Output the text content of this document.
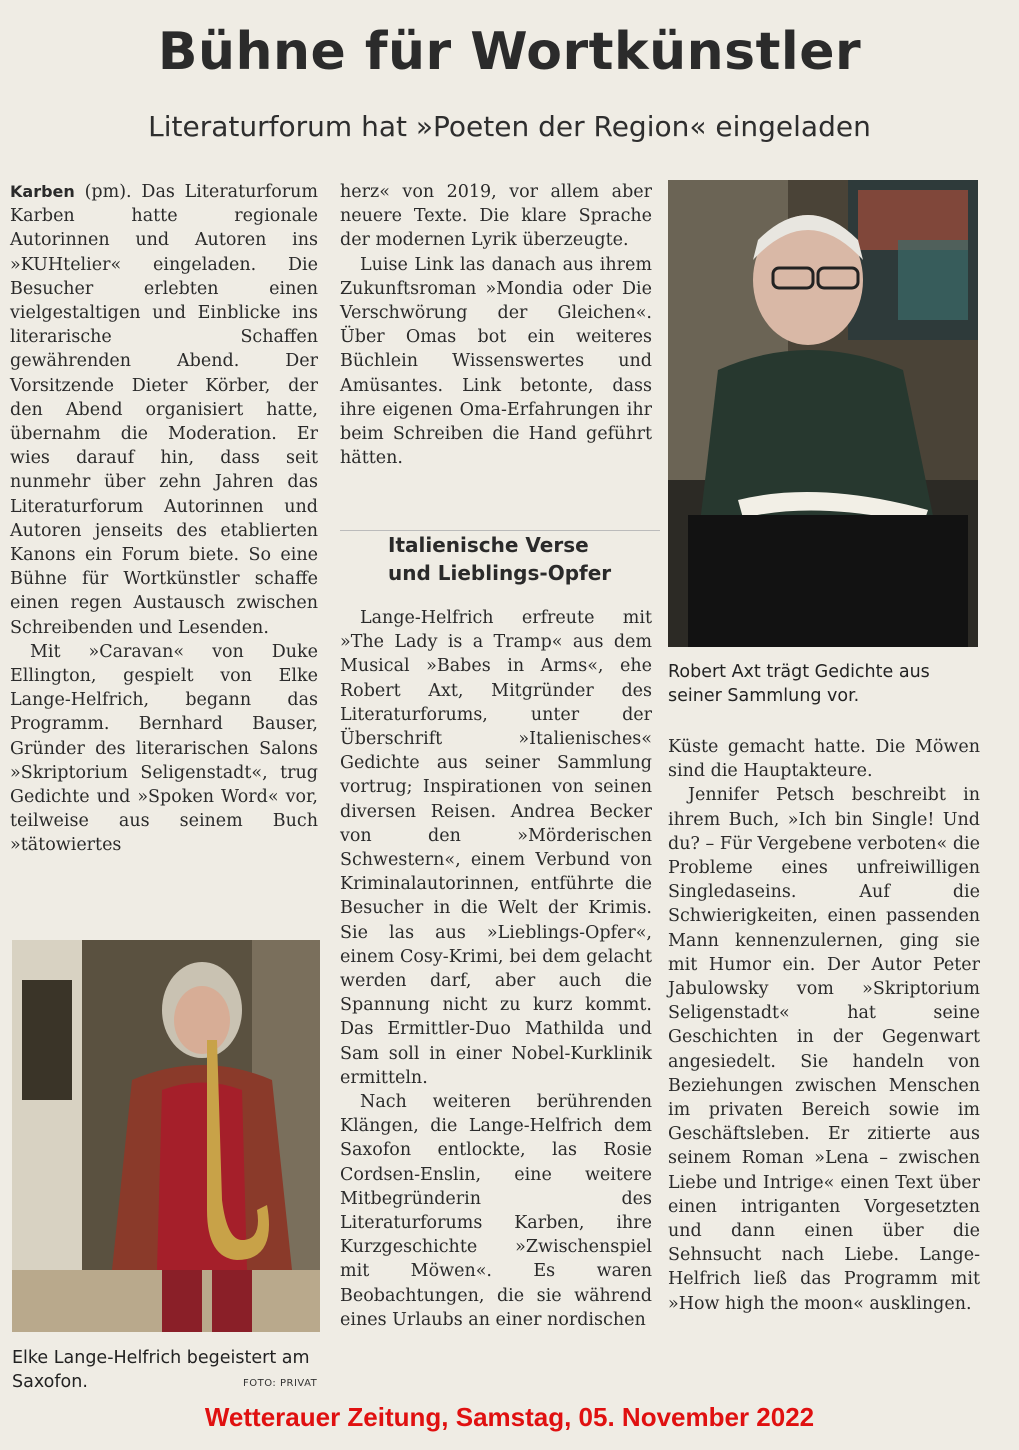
Bühne für Wortkünstler
Literaturforum hat »Poeten der Region« eingeladen

Karben (pm). Das Literaturforum Karben hatte regionale Autorinnen und Autoren ins »KUHtelier« eingeladen. Die Besucher erlebten einen vielgestaltigen und Einblicke ins literarische Schaffen gewährenden Abend. Der Vorsitzende Dieter Körber, der den Abend organisiert hatte, übernahm die Moderation. Er wies darauf hin, dass seit nunmehr über zehn Jahren das Literaturforum Autorinnen und Autoren jenseits des etablierten Kanons ein Forum biete. So eine Bühne für Wortkünstler schaffe einen regen Austausch zwischen Schreibenden und Lesenden.

Mit »Caravan« von Duke Ellington, gespielt von Elke Lange-Helfrich, begann das Programm. Bernhard Bauser, Gründer des literarischen Salons »Skriptorium Seligenstadt«, trug Gedichte und »Spoken Word« vor, teilweise aus seinem Buch »tätowiertes

herz« von 2019, vor allem aber neuere Texte. Die klare Sprache der modernen Lyrik überzeugte.

Luise Link las danach aus ihrem Zukunftsroman »Mondia oder Die Verschwörung der Gleichen«. Über Omas bot ein weiteres Büchlein Wissenswertes und Amüsantes. Link betonte, dass ihre eigenen Oma-Erfahrungen ihr beim Schreiben die Hand geführt hätten.

Italienische Verse
und Lieblings-Opfer

Lange-Helfrich erfreute mit »The Lady is a Tramp« aus dem Musical »Babes in Arms«, ehe Robert Axt, Mitgründer des Literaturforums, unter der Überschrift »Italienisches« Gedichte aus seiner Sammlung vortrug; Inspirationen von seinen diversen Reisen. Andrea Becker von den »Mörderischen Schwestern«, einem Verbund von Kriminalautorinnen, entführte die Besucher in die Welt der Krimis. Sie las aus »Lieblings-Opfer«, einem Cosy-Krimi, bei dem gelacht werden darf, aber auch die Spannung nicht zu kurz kommt. Das Ermittler-Duo Mathilda und Sam soll in einer Nobel-Kurklinik ermitteln.

Nach weiteren berührenden Klängen, die Lange-Helfrich dem Saxofon entlockte, las Rosie Cordsen-Enslin, eine weitere Mitbegründerin des Literaturforums Karben, ihre Kurzgeschichte »Zwischenspiel mit Möwen«. Es waren Beobachtungen, die sie während eines Urlaubs an einer nordischen

Küste gemacht hatte. Die Möwen sind die Hauptakteure.

Jennifer Petsch beschreibt in ihrem Buch, »Ich bin Single! Und du? – Für Vergebene verboten« die Probleme eines unfreiwilligen Singledaseins. Auf die Schwierigkeiten, einen passenden Mann kennenzulernen, ging sie mit Humor ein. Der Autor Peter Jabulowsky vom »Skriptorium Seligenstadt« hat seine Geschichten in der Gegenwart angesiedelt. Sie handeln von Beziehungen zwischen Menschen im privaten Bereich sowie im Geschäftsleben. Er zitierte aus seinem Roman »Lena – zwischen Liebe und Intrige« einen Text über einen intriganten Vorgesetzten und dann einen über die Sehnsucht nach Liebe. Lange-Helfrich ließ das Programm mit »How high the moon« ausklingen.

Robert Axt trägt Gedichte aus seiner Sammlung vor.
Elke Lange-Helfrich begeistert am Saxofon.	FOTO: PRIVAT
Wetterauer Zeitung, Samstag, 05. November 2022
